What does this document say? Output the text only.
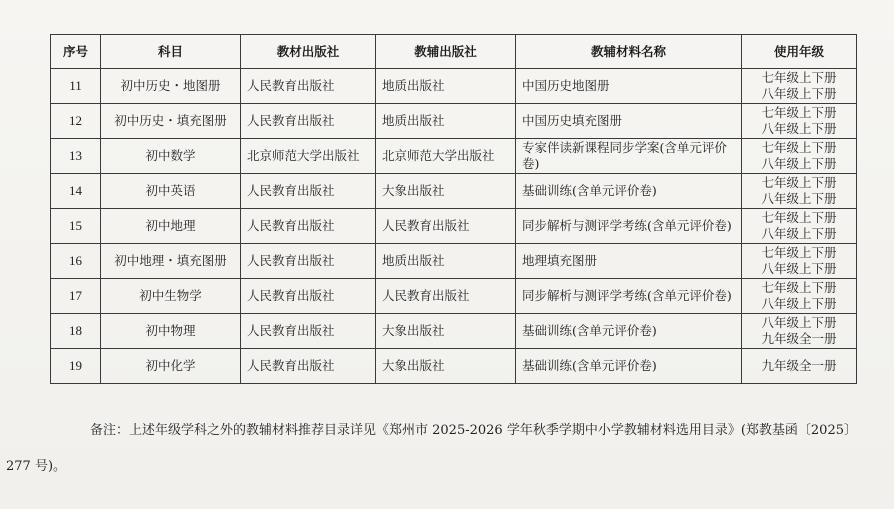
序号	科目	教材出版社	教辅出版社	教辅材料名称	使用年级
11	初中历史・地图册	人民教育出版社	地质出版社	中国历史地图册	七年级上下册
八年级上下册

12	初中历史・填充图册	人民教育出版社	地质出版社	中国历史填充图册	七年级上下册
八年级上下册

13	初中数学	北京师范大学出版社	北京师范大学出版社	专家伴读新课程同步学案(含单元评价卷)	七年级上下册
八年级上下册

14	初中英语	人民教育出版社	大象出版社	基础训练(含单元评价卷)	七年级上下册
八年级上下册

15	初中地理	人民教育出版社	人民教育出版社	同步解析与测评学考练(含单元评价卷)	七年级上下册
八年级上下册

16	初中地理・填充图册	人民教育出版社	地质出版社	地理填充图册	七年级上下册
八年级上下册

17	初中生物学	人民教育出版社	人民教育出版社	同步解析与测评学考练(含单元评价卷)	七年级上下册
八年级上下册

18	初中物理	人民教育出版社	大象出版社	基础训练(含单元评价卷)	八年级上下册
九年级全一册

19	初中化学	人民教育出版社	大象出版社	基础训练(含单元评价卷)	九年级全一册
备注：上述年级学科之外的教辅材料推荐目录详见《郑州市 2025-2026 学年秋季学期中小学教辅材料选用目录》(郑教基函〔2025〕
277 号)。
